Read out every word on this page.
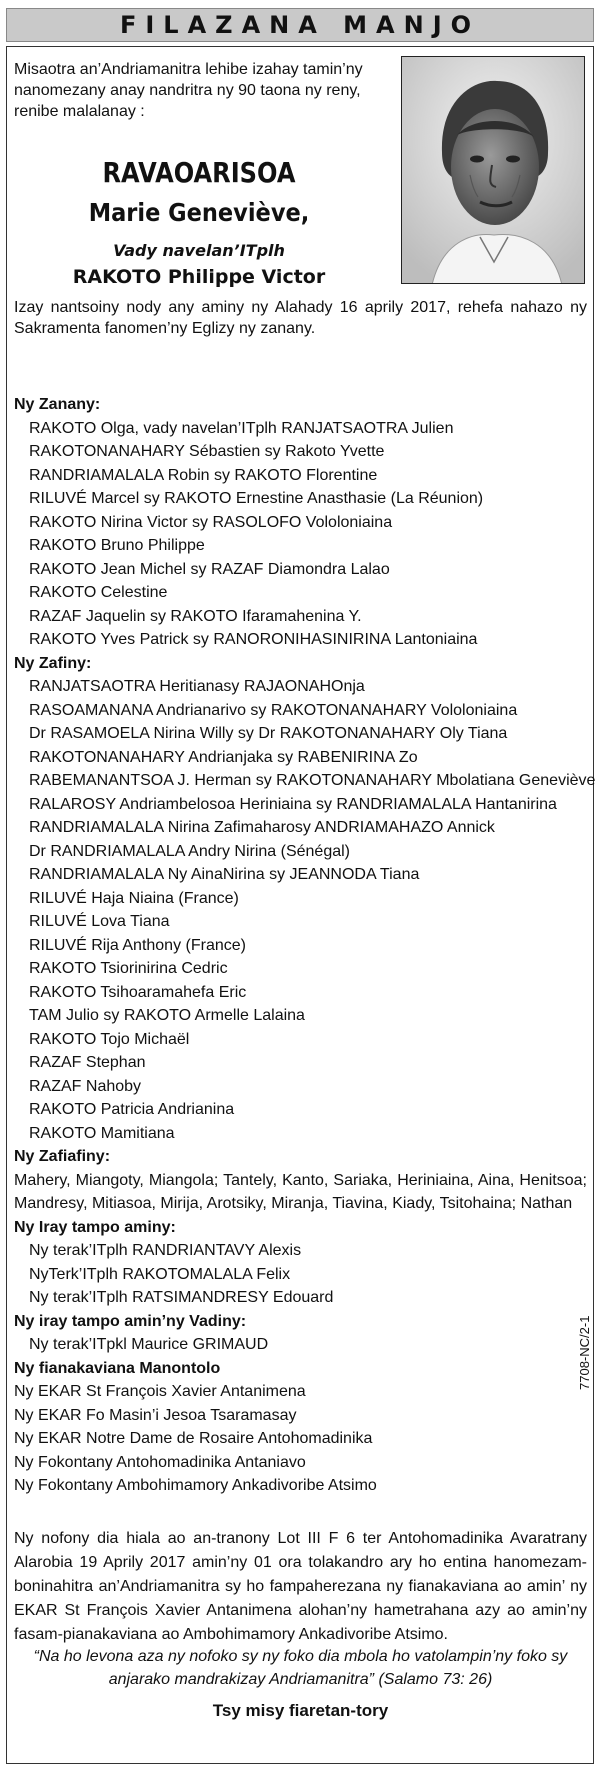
FILAZANA MANJO
Misaotra an’Andriamanitra lehibe izahay tamin’ny nanomezany anay nandritra ny 90 taona ny reny, renibe malalanay :
RAVAOARISOA
Marie Geneviève,
Vady navelan’ITplh
RAKOTO Philippe Victor
Izay nantsoiny nody any aminy ny Alahady 16 aprily 2017, rehefa nahazo ny Sakramenta fanomen’ny Eglizy ny zanany.
Ny Zanany:
RAKOTO Olga, vady navelan’ITplh RANJATSAOTRA Julien
RAKOTONANAHARY Sébastien sy Rakoto Yvette
RANDRIAMALALA Robin sy RAKOTO Florentine
RILUVÉ Marcel sy RAKOTO Ernestine Anasthasie (La Réunion)
RAKOTO Nirina Victor sy RASOLOFO Vololoniaina
RAKOTO Bruno Philippe
RAKOTO Jean Michel sy RAZAF Diamondra Lalao
RAKOTO Celestine
RAZAF Jaquelin sy RAKOTO Ifaramahenina Y.
RAKOTO Yves Patrick sy RANORONIHASINIRINA Lantoniaina
Ny Zafiny:
RANJATSAOTRA Heritianasy RAJAONAHOnja
RASOAMANANA Andrianarivo sy RAKOTONANAHARY Vololoniaina
Dr RASAMOELA Nirina Willy sy Dr RAKOTONANAHARY Oly Tiana
RAKOTONANAHARY Andrianjaka sy RABENIRINA Zo
RABEMANANTSOA J. Herman sy RAKOTONANAHARY Mbolatiana Geneviève
RALAROSY Andriambelosoa Heriniaina sy RANDRIAMALALA Hantanirina
RANDRIAMALALA Nirina Zafimaharosy ANDRIAMAHAZO Annick
Dr RANDRIAMALALA Andry Nirina (Sénégal)
RANDRIAMALALA Ny AinaNirina sy JEANNODA Tiana
RILUVÉ Haja Niaina (France)
RILUVÉ Lova Tiana
RILUVÉ Rija Anthony (France)
RAKOTO Tsiorinirina Cedric
RAKOTO Tsihoaramahefa Eric
TAM Julio sy RAKOTO Armelle Lalaina
RAKOTO Tojo Michaël
RAZAF Stephan
RAZAF Nahoby
RAKOTO Patricia Andrianina
RAKOTO Mamitiana
Ny Zafiafiny:
Mahery, Miangoty, Miangola; Tantely, Kanto, Sariaka, Heriniaina, Aina, Henitsoa; Mandresy, Mitiasoa, Mirija, Arotsiky, Miranja, Tiavina, Kiady, Tsitohaina; Nathan
Ny Iray tampo aminy:
Ny terak’ITplh RANDRIANTAVY Alexis
NyTerk’ITplh RAKOTOMALALA Felix
Ny terak’ITplh RATSIMANDRESY Edouard
Ny iray tampo amin’ny Vadiny:
Ny terak’ITpkl Maurice GRIMAUD
Ny fianakaviana Manontolo
Ny EKAR St François Xavier Antanimena
Ny EKAR Fo Masin’i Jesoa Tsaramasay
Ny EKAR Notre Dame de Rosaire Antohomadinika
Ny Fokontany Antohomadinika Antaniavo
Ny Fokontany Ambohimamory Ankadivoribe Atsimo
Ny nofony dia hiala ao an-tranony Lot III F 6 ter Antohomadinika Avaratrany Alarobia 19 Aprily 2017 amin’ny 01 ora tolakandro ary ho entina hanomezam-boninahitra an’Andriamanitra sy ho fampaherezana ny fianakaviana ao amin’ ny EKAR St François Xavier Antanimena alohan’ny hametrahana azy ao amin’ny fasam-pianakaviana ao Ambohimamory Ankadivoribe Atsimo.
“Na ho levona aza ny nofoko sy ny foko dia mbola ho vatolampin’ny foko sy anjarako mandrakizay Andriamanitra” (Salamo 73: 26)
Tsy misy fiaretan-tory
7708-NC/2-1
